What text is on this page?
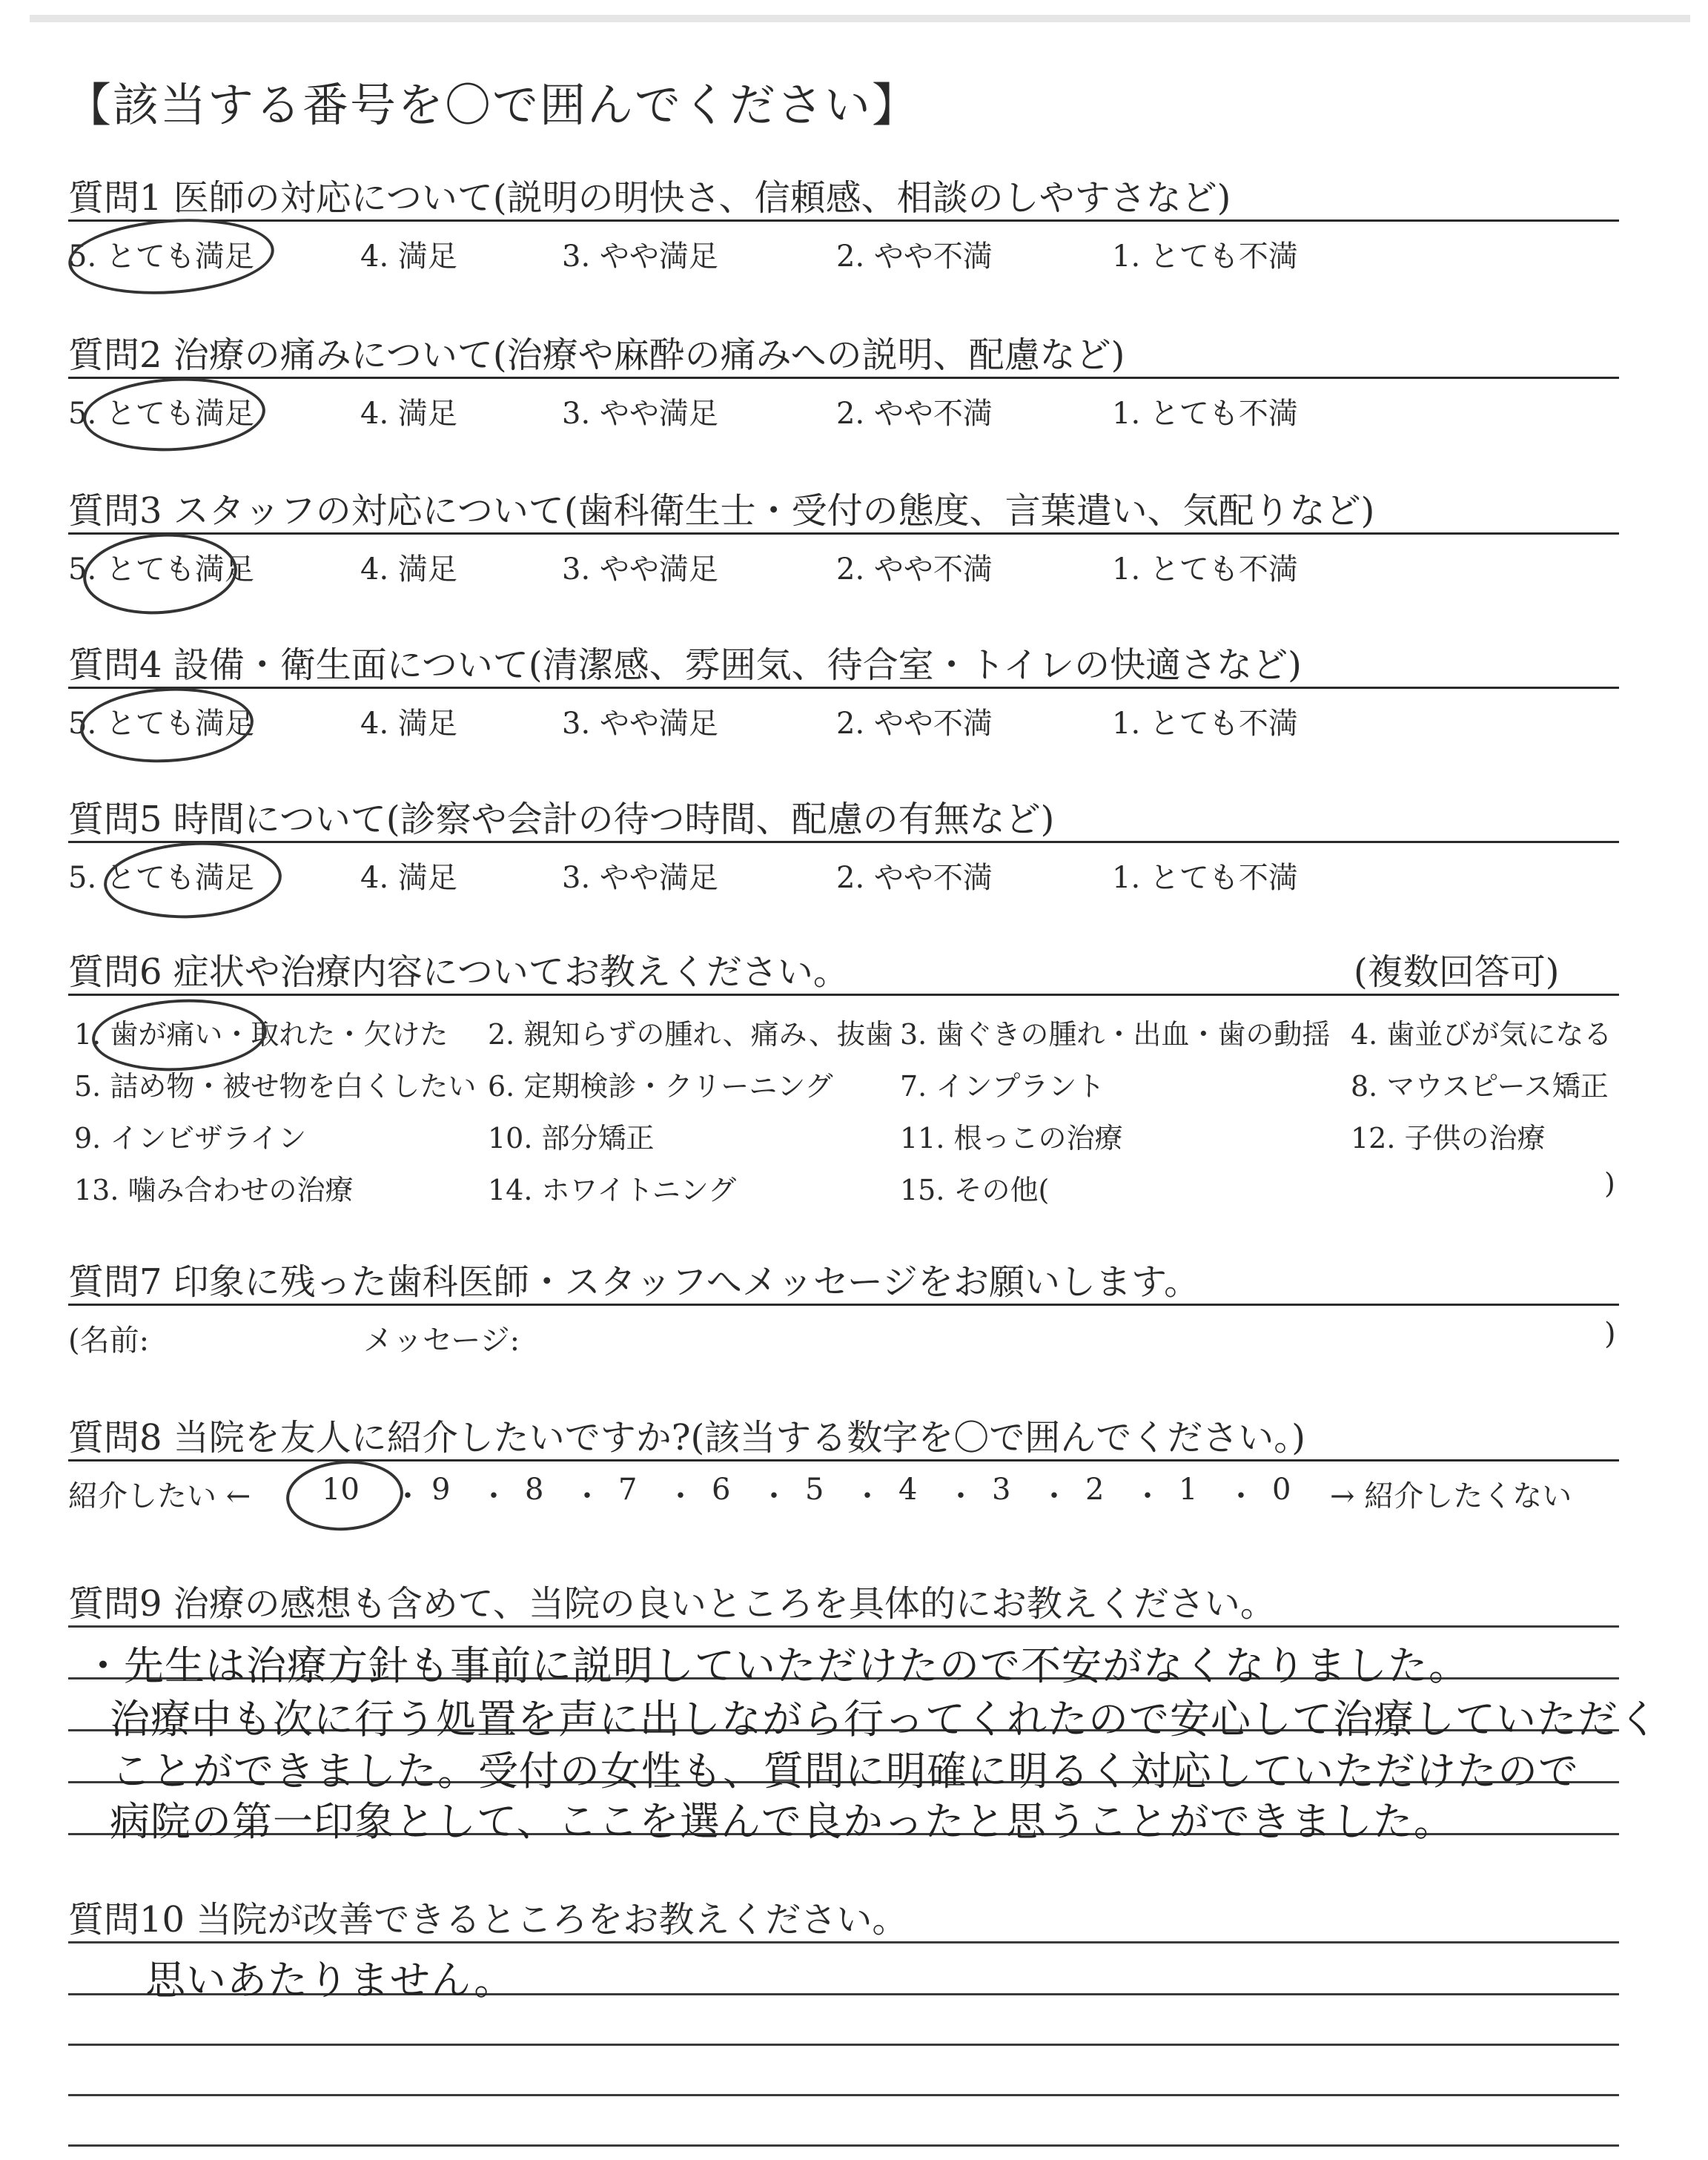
【該当する番号を〇で囲んでください】
質問1 医師の対応について(説明の明快さ、信頼感、相談のしやすさなど)
5. とても満足	4. 満足	3. やや満足	2. やや不満	1. とても不満
質問2 治療の痛みについて(治療や麻酔の痛みへの説明、配慮など)
5. とても満足	4. 満足	3. やや満足	2. やや不満	1. とても不満
質問3 スタッフの対応について(歯科衛生士・受付の態度、言葉遣い、気配りなど)
5. とても満足	4. 満足	3. やや満足	2. やや不満	1. とても不満
質問4 設備・衛生面について(清潔感、雰囲気、待合室・トイレの快適さなど)
5. とても満足	4. 満足	3. やや満足	2. やや不満	1. とても不満
質問5 時間について(診察や会計の待つ時間、配慮の有無など)
5. とても満足	4. 満足	3. やや満足	2. やや不満	1. とても不満
質問6 症状や治療内容についてお教えください。	(複数回答可)
1. 歯が痛い・取れた・欠けた 2. 親知らずの腫れ、痛み、抜歯 3. 歯ぐきの腫れ・出血・歯の動揺 4. 歯並びが気になる
5. 詰め物・被せ物を白くしたい 6. 定期検診・クリーニング 7. インプラント	8. マウスピース矯正
9. インビザライン	10. 部分矯正	11. 根っこの治療	12. 子供の治療
13. 噛み合わせの治療	14. ホワイトニング	15. その他(	)
質問7 印象に残った歯科医師・スタッフへメッセージをお願いします。
(名前:	メッセージ:	)
質問8 当院を友人に紹介したいですか?(該当する数字を〇で囲んでください。)
紹介したい ← 10 ・ 9 ・ 8 ・ 7 ・ 6 ・ 5 ・ 4 ・ 3 ・ 2 ・ 1 ・ 0 → 紹介したくない
質問9 治療の感想も含めて、当院の良いところを具体的にお教えください。
・先生は治療方針も事前に説明していただけたので不安がなくなりました。
治療中も次に行う処置を声に出しながら行ってくれたので安心して治療していただく
ことができました。受付の女性も、質問に明確に明るく対応していただけたので
病院の第一印象として、ここを選んで良かったと思うことができました。
質問10 当院が改善できるところをお教えください。
思いあたりません。
